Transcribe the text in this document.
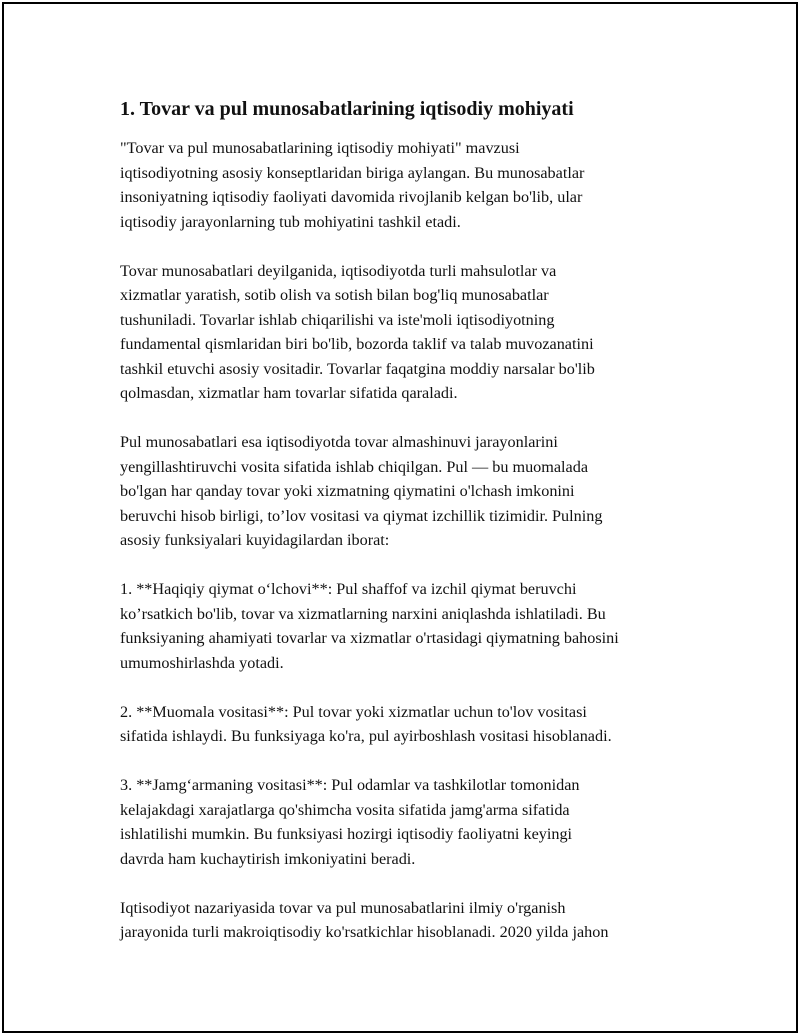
1. Tovar va pul munosabatlarining iqtisodiy mohiyati

"Tovar va pul munosabatlarining iqtisodiy mohiyati" mavzusi
iqtisodiyotning asosiy konseptlaridan biriga aylangan. Bu munosabatlar
insoniyatning iqtisodiy faoliyati davomida rivojlanib kelgan bo'lib, ular
iqtisodiy jarayonlarning tub mohiyatini tashkil etadi.

Tovar munosabatlari deyilganida, iqtisodiyotda turli mahsulotlar va
xizmatlar yaratish, sotib olish va sotish bilan bog'liq munosabatlar
tushuniladi. Tovarlar ishlab chiqarilishi va iste'moli iqtisodiyotning
fundamental qismlaridan biri bo'lib, bozorda taklif va talab muvozanatini
tashkil etuvchi asosiy vositadir. Tovarlar faqatgina moddiy narsalar bo'lib
qolmasdan, xizmatlar ham tovarlar sifatida qaraladi.

Pul munosabatlari esa iqtisodiyotda tovar almashinuvi jarayonlarini
yengillashtiruvchi vosita sifatida ishlab chiqilgan. Pul — bu muomalada
bo'lgan har qanday tovar yoki xizmatning qiymatini o'lchash imkonini
beruvchi hisob birligi, to’lov vositasi va qiymat izchillik tizimidir. Pulning
asosiy funksiyalari kuyidagilardan iborat:

1. **Haqiqiy qiymat o‘lchovi**: Pul shaffof va izchil qiymat beruvchi
ko’rsatkich bo'lib, tovar va xizmatlarning narxini aniqlashda ishlatiladi. Bu
funksiyaning ahamiyati tovarlar va xizmatlar o'rtasidagi qiymatning bahosini
umumoshirlashda yotadi.

2. **Muomala vositasi**: Pul tovar yoki xizmatlar uchun to'lov vositasi
sifatida ishlaydi. Bu funksiyaga ko'ra, pul ayirboshlash vositasi hisoblanadi.

3. **Jamg‘armaning vositasi**: Pul odamlar va tashkilotlar tomonidan
kelajakdagi xarajatlarga qo'shimcha vosita sifatida jamg'arma sifatida
ishlatilishi mumkin. Bu funksiyasi hozirgi iqtisodiy faoliyatni keyingi
davrda ham kuchaytirish imkoniyatini beradi.

Iqtisodiyot nazariyasida tovar va pul munosabatlarini ilmiy o'rganish
jarayonida turli makroiqtisodiy ko'rsatkichlar hisoblanadi. 2020 yilda jahon
